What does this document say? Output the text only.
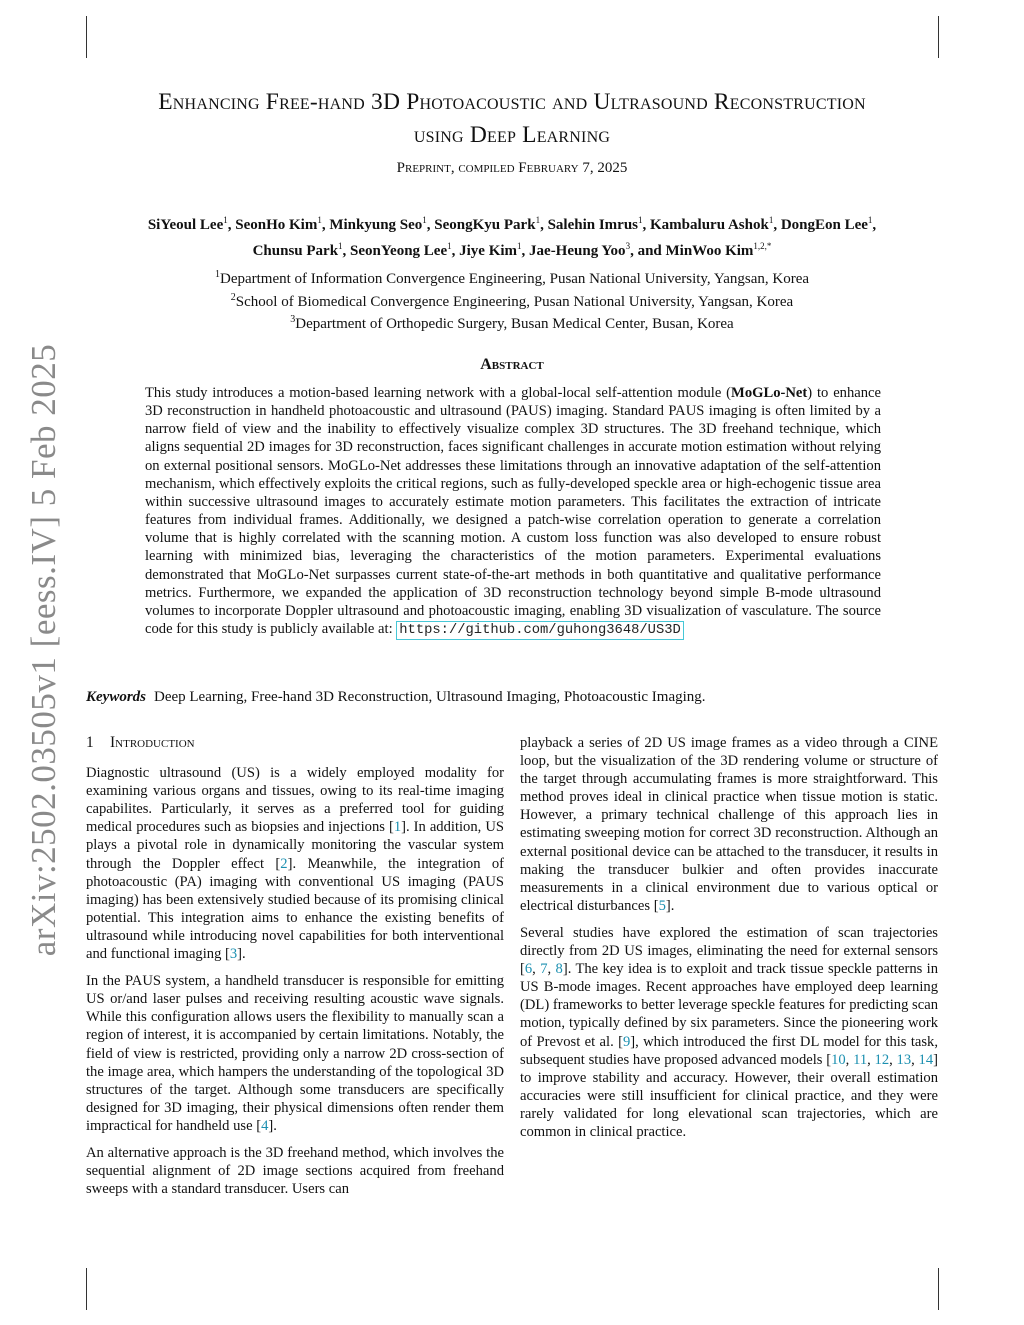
arXiv:2502.03505v1 [eess.IV] 5 Feb 2025
Enhancing Free-hand 3D Photoacoustic and Ultrasound Reconstruction
using Deep Learning
Preprint, compiled February 7, 2025
SiYeoul Lee$^1$, SeonHo Kim$^1$, Minkyung Seo$^1$, SeongKyu Park$^1$, Salehin Imrus$^1$, Kambaluru Ashok$^1$, DongEon Lee$^1$,
Chunsu Park$^1$, SeonYeong Lee$^1$, Jiye Kim$^1$, Jae-Heung Yoo$^3$, and MinWoo Kim$^{1,2,*}$
$^1$Department of Information Convergence Engineering, Pusan National University, Yangsan, Korea
$^2$School of Biomedical Convergence Engineering, Pusan National University, Yangsan, Korea
$^3$Department of Orthopedic Surgery, Busan Medical Center, Busan, Korea
Abstract
This study introduces a motion-based learning network with a global-local self-attention module (MoGLo-Net) to enhance 3D reconstruction in handheld photoacoustic and ultrasound (PAUS) imaging. Standard PAUS imaging is often limited by a narrow field of view and the inability to effectively visualize complex 3D structures. The 3D freehand technique, which aligns sequential 2D images for 3D reconstruction, faces significant challenges in accurate motion estimation without relying on external positional sensors. MoGLo-Net addresses these limitations through an innovative adaptation of the self-attention mechanism, which effectively exploits the critical regions, such as fully-developed speckle area or high-echogenic tissue area within successive ultrasound images to accurately estimate motion parameters. This facilitates the extraction of intricate features from individual frames. Additionally, we designed a patch-wise correlation operation to generate a correlation volume that is highly correlated with the scanning motion. A custom loss function was also developed to ensure robust learning with minimized bias, leveraging the characteristics of the motion parameters. Experimental evaluations demonstrated that MoGLo-Net surpasses current state-of-the-art methods in both quantitative and qualitative performance metrics. Furthermore, we expanded the application of 3D reconstruction technology beyond simple B-mode ultrasound volumes to incorporate Doppler ultrasound and photoacoustic imaging, enabling 3D visualization of vasculature. The source code for this study is publicly available at: https://github.com/guhong3648/US3D
Keywords Deep Learning, Free-hand 3D Reconstruction, Ultrasound Imaging, Photoacoustic Imaging.
1 Introduction

Diagnostic ultrasound (US) is a widely employed modality for examining various organs and tissues, owing to its real-time imaging capabilites. Particularly, it serves as a preferred tool for guiding medical procedures such as biopsies and injections [1]. In addition, US plays a pivotal role in dynamically monitoring the vascular system through the Doppler effect [2]. Meanwhile, the integration of photoacoustic (PA) imaging with conventional US imaging (PAUS imaging) has been extensively studied because of its promising clinical potential. This integration aims to enhance the existing benefits of ultrasound while introducing novel capabilities for both interventional and functional imaging [3].

In the PAUS system, a handheld transducer is responsible for emitting US or/and laser pulses and receiving resulting acoustic wave signals. While this configuration allows users the flexibility to manually scan a region of interest, it is accompanied by certain limitations. Notably, the field of view is restricted, providing only a narrow 2D cross-section of the image area, which hampers the understanding of the topological 3D structures of the target. Although some transducers are specifically designed for 3D imaging, their physical dimensions often render them impractical for handheld use [4].

An alternative approach is the 3D freehand method, which involves the sequential alignment of 2D image sections acquired from freehand sweeps with a standard transducer. Users can

playback a series of 2D US image frames as a video through a CINE loop, but the visualization of the 3D rendering volume or structure of the target through accumulating frames is more straightforward. This method proves ideal in clinical practice when tissue motion is static. However, a primary technical challenge of this approach lies in estimating sweeping motion for correct 3D reconstruction. Although an external positional device can be attached to the transducer, it results in making the transducer bulkier and often provides inaccurate measurements in a clinical environment due to various optical or electrical disturbances [5].

Several studies have explored the estimation of scan trajectories directly from 2D US images, eliminating the need for external sensors [6, 7, 8]. The key idea is to exploit and track tissue speckle patterns in US B-mode images. Recent approaches have employed deep learning (DL) frameworks to better leverage speckle features for predicting scan motion, typically defined by six parameters. Since the pioneering work of Prevost et al. [9], which introduced the first DL model for this task, subsequent studies have proposed advanced models [10, 11, 12, 13, 14] to improve stability and accuracy. However, their overall estimation accuracies were still insufficient for clinical practice, and they were rarely validated for long elevational scan trajectories, which are common in clinical practice.
